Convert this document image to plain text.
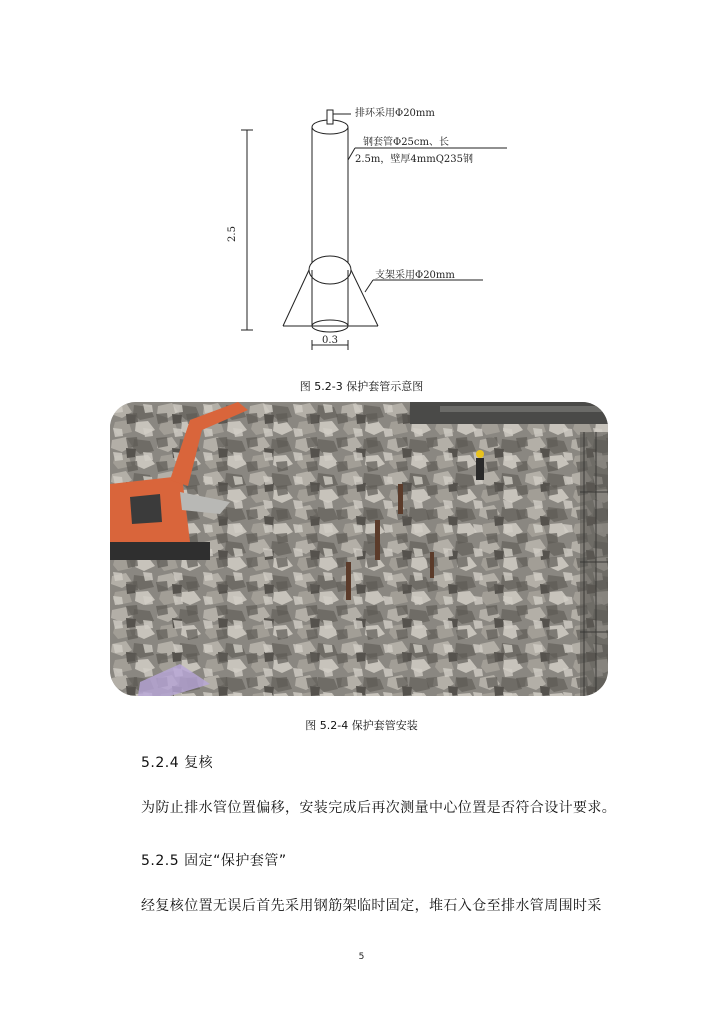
2.5
0.3
排环采用Φ20mm
钢套管Φ25cm、长
2.5m，壁厚4mmQ235钢
支架采用Φ20mm
图 5.2-3 保护套管示意图
图 5.2-4 保护套管安装
5.2.4 复核
为防止排水管位置偏移，安装完成后再次测量中心位置是否符合设计要求。
5.2.5 固定“保护套管”
经复核位置无误后首先采用钢筋架临时固定，堆石入仓至排水管周围时采
5
